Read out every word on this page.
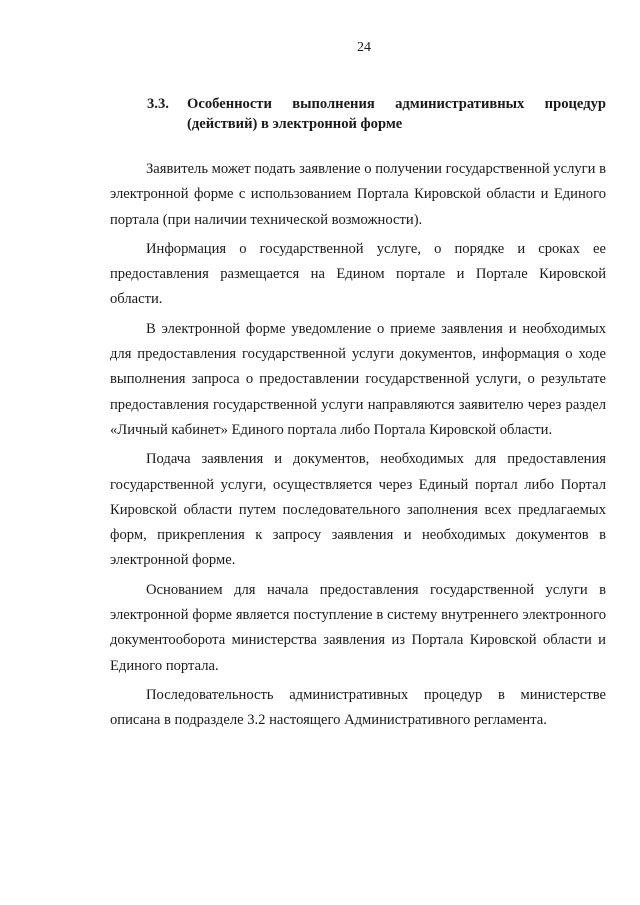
24
3.3.	Особенности выполнения административных процедур (действий) в электронной форме

Заявитель может подать заявление о получении государственной услуги в электронной форме с использованием Портала Кировской области и Единого портала (при наличии технической возможности).

Информация о государственной услуге, о порядке и сроках ее предоставления размещается на Едином портале и Портале Кировской области.

В электронной форме уведомление о приеме заявления и необходимых для предоставления государственной услуги документов, информация о ходе выполнения запроса о предоставлении государственной услуги, о результате предоставления государственной услуги направляются заявителю через раздел «Личный кабинет» Единого портала либо Портала Кировской области.

Подача заявления и документов, необходимых для предоставления государственной услуги, осуществляется через Единый портал либо Портал Кировской области путем последовательного заполнения всех предлагаемых форм, прикрепления к запросу заявления и необходимых документов в электронной форме.

Основанием для начала предоставления государственной услуги в электронной форме является поступление в систему внутреннего электронного документооборота министерства заявления из Портала Кировской области и Единого портала.

Последовательность административных процедур в министерстве описана в подразделе 3.2 настоящего Административного регламента.
